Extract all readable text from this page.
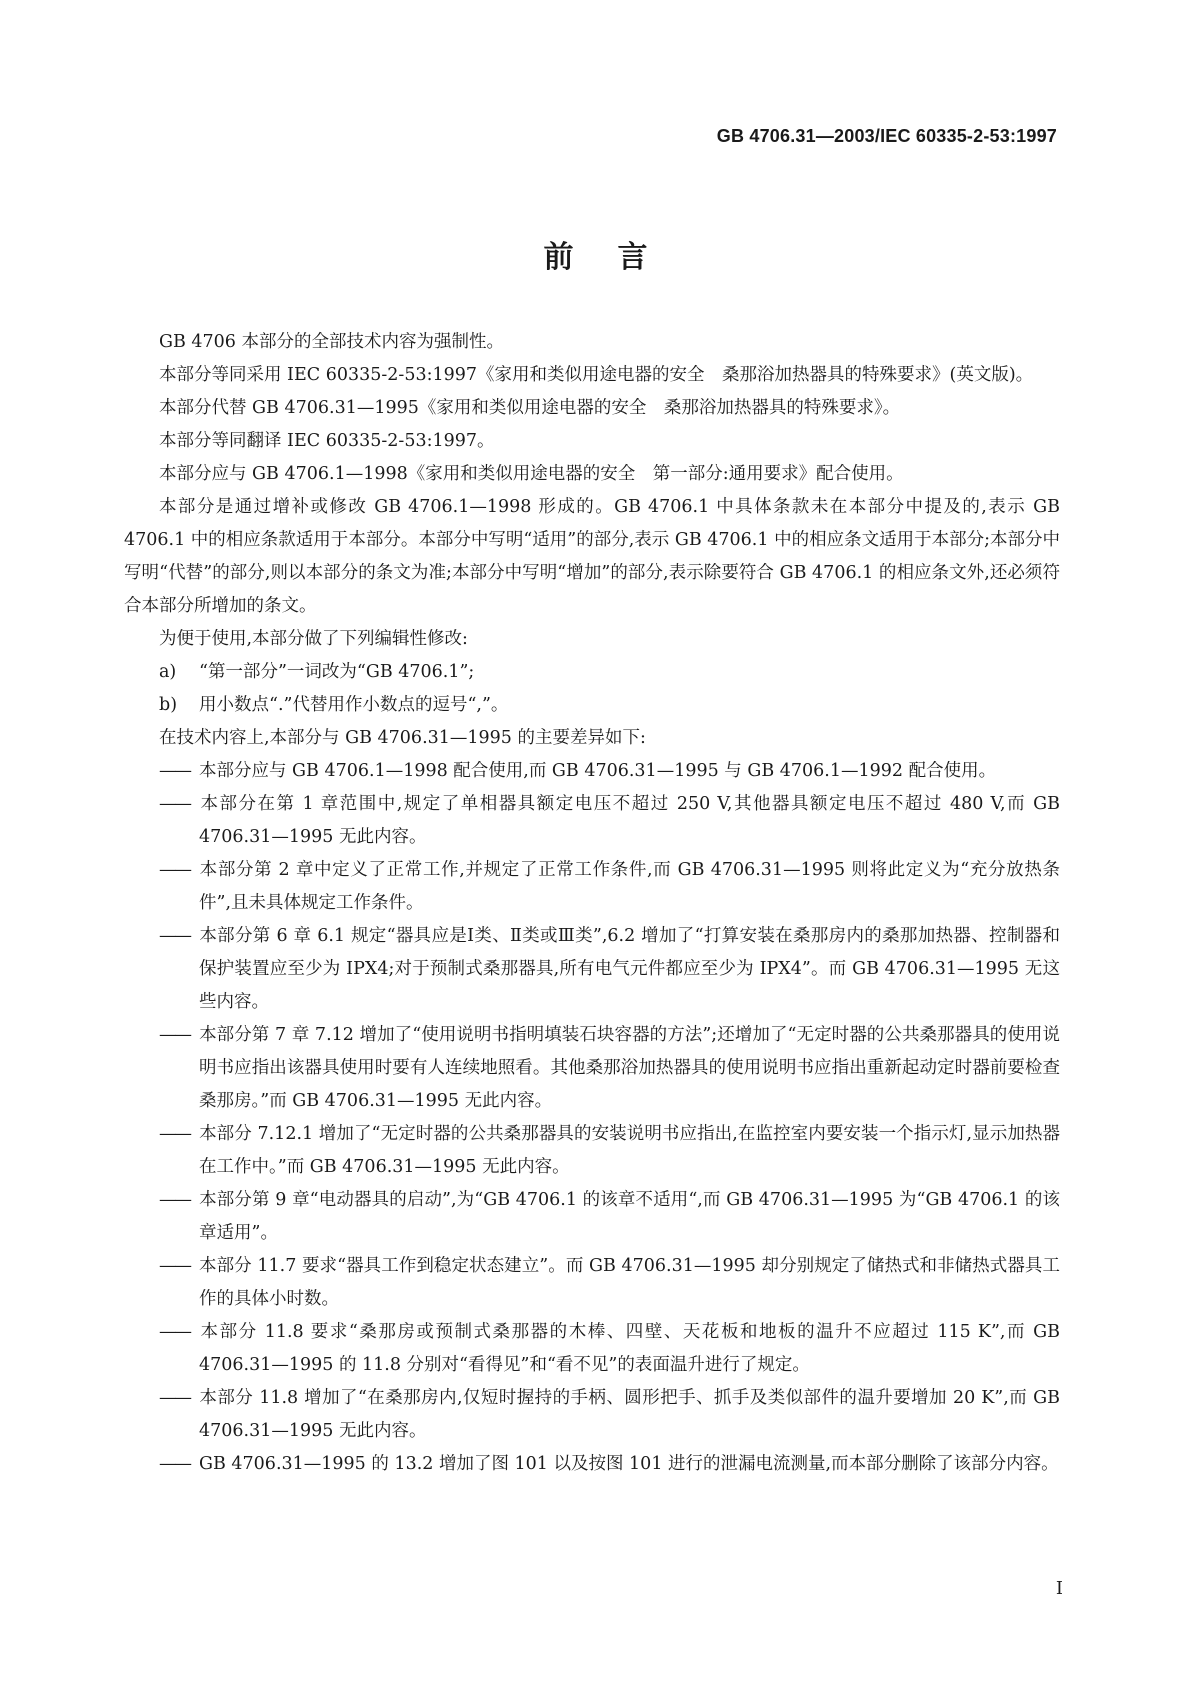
GB 4706.31—2003/IEC 60335-2-53:1997
前言

GB 4706 本部分的全部技术内容为强制性。

本部分等同采用 IEC 60335-2-53:1997《家用和类似用途电器的安全　桑那浴加热器具的特殊要求》(英文版)。

本部分代替 GB 4706.31—1995《家用和类似用途电器的安全　桑那浴加热器具的特殊要求》。

本部分等同翻译 IEC 60335-2-53:1997。

本部分应与 GB 4706.1—1998《家用和类似用途电器的安全　第一部分:通用要求》配合使用。

本部分是通过增补或修改 GB 4706.1—1998 形成的。GB 4706.1 中具体条款未在本部分中提及的,表示 GB 4706.1 中的相应条款适用于本部分。本部分中写明“适用”的部分,表示 GB 4706.1 中的相应条文适用于本部分;本部分中写明“代替”的部分,则以本部分的条文为准;本部分中写明“增加”的部分,表示除要符合 GB 4706.1 的相应条文外,还必须符合本部分所增加的条文。

为便于使用,本部分做了下列编辑性修改:

a) “第一部分”一词改为“GB 4706.1”;

b) 用小数点“.”代替用作小数点的逗号“,”。

在技术内容上,本部分与 GB 4706.31—1995 的主要差异如下:

—— 本部分应与 GB 4706.1—1998 配合使用,而 GB 4706.31—1995 与 GB 4706.1—1992 配合使用。

—— 本部分在第 1 章范围中,规定了单相器具额定电压不超过 250 V,其他器具额定电压不超过 480 V,而 GB 4706.31—1995 无此内容。

—— 本部分第 2 章中定义了正常工作,并规定了正常工作条件,而 GB 4706.31—1995 则将此定义为“充分放热条件”,且未具体规定工作条件。

—— 本部分第 6 章 6.1 规定“器具应是Ⅰ类、Ⅱ类或Ⅲ类”,6.2 增加了“打算安装在桑那房内的桑那加热器、控制器和保护装置应至少为 IPX4;对于预制式桑那器具,所有电气元件都应至少为 IPX4”。而 GB 4706.31—1995 无这些内容。

—— 本部分第 7 章 7.12 增加了“使用说明书指明填装石块容器的方法”;还增加了“无定时器的公共桑那器具的使用说明书应指出该器具使用时要有人连续地照看。其他桑那浴加热器具的使用说明书应指出重新起动定时器前要检查桑那房。”而 GB 4706.31—1995 无此内容。

—— 本部分 7.12.1 增加了“无定时器的公共桑那器具的安装说明书应指出,在监控室内要安装一个指示灯,显示加热器在工作中。”而 GB 4706.31—1995 无此内容。

—— 本部分第 9 章“电动器具的启动”,为“GB 4706.1 的该章不适用“,而 GB 4706.31—1995 为“GB 4706.1 的该章适用”。

—— 本部分 11.7 要求“器具工作到稳定状态建立”。而 GB 4706.31—1995 却分别规定了储热式和非储热式器具工作的具体小时数。

—— 本部分 11.8 要求“桑那房或预制式桑那器的木棒、四壁、天花板和地板的温升不应超过 115 K”,而 GB 4706.31—1995 的 11.8 分别对“看得见”和“看不见”的表面温升进行了规定。

—— 本部分 11.8 增加了“在桑那房内,仅短时握持的手柄、圆形把手、抓手及类似部件的温升要增加 20 K”,而 GB 4706.31—1995 无此内容。

—— GB 4706.31—1995 的 13.2 增加了图 101 以及按图 101 进行的泄漏电流测量,而本部分删除了该部分内容。

I
